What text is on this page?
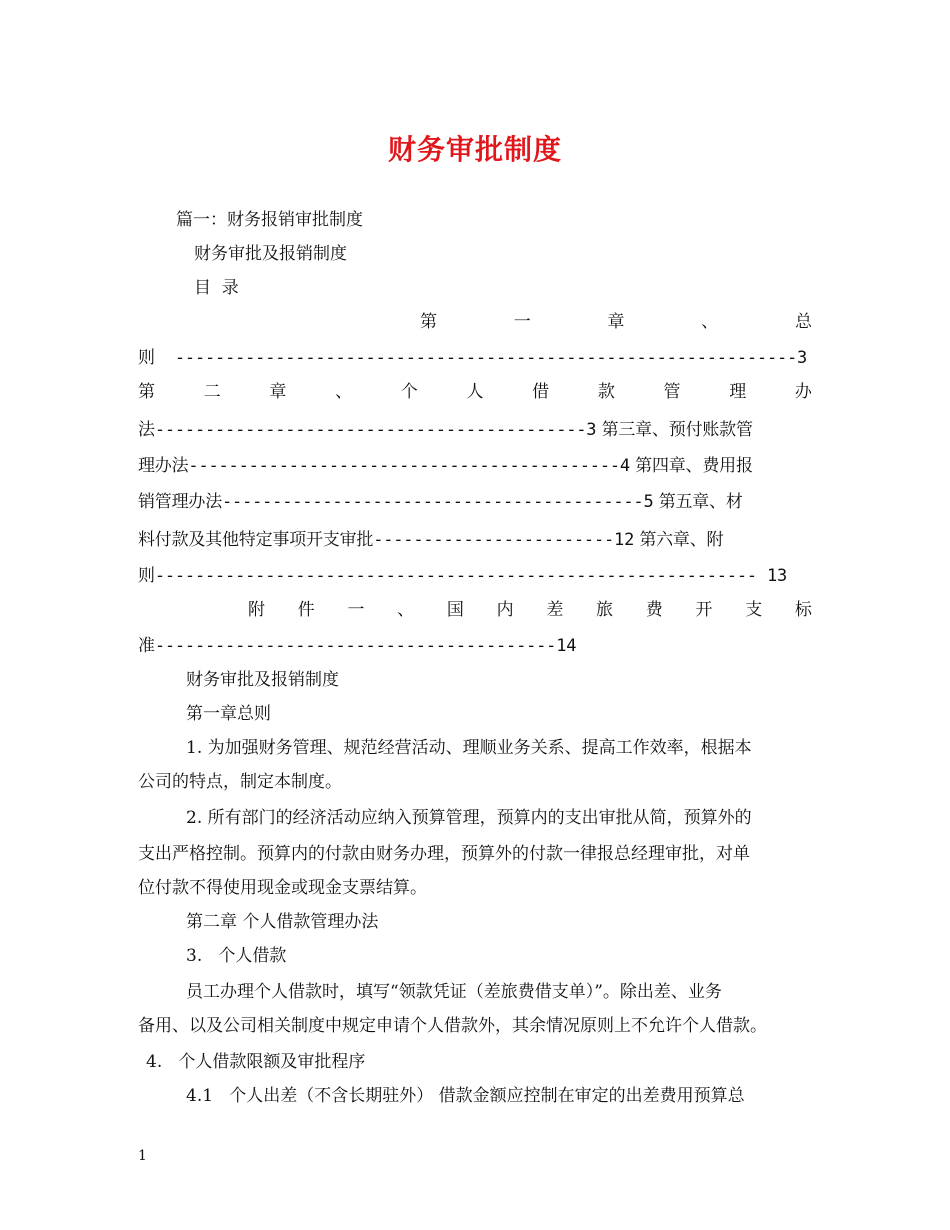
财务审批制度
篇一：财务报销审批制度
财务审批及报销制度
目  录
第	一	章	、	总
则 --------------------------------------------------------------3
第	二	章	、	个	人	借	款	管	理	办
法-------------------------------------------3 第三章、预付账款管
理办法-------------------------------------------4 第四章、费用报
销管理办法------------------------------------------5 第五章、材
料付款及其他特定事项开支审批------------------------12 第六章、附
则------------------------------------------------------------ 13
附 件 一 、 国 内 差 旅 费 开 支 标
准----------------------------------------14
财务审批及报销制度
第一章总则
1. 为加强财务管理、规范经营活动、理顺业务关系、提高工作效率，根据本
公司的特点，制定本制度。
2. 所有部门的经济活动应纳入预算管理，预算内的支出审批从简，预算外的
支出严格控制。预算内的付款由财务办理，预算外的付款一律报总经理审批，对单
位付款不得使用现金或现金支票结算。
第二章 个人借款管理办法
3.   个人借款
员工办理个人借款时，填写“领款凭证（差旅费借支单）”。除出差、业务
备用、以及公司相关制度中规定申请个人借款外，其余情况原则上不允许个人借款。
4.   个人借款限额及审批程序
4.1   个人出差（不含长期驻外） 借款金额应控制在审定的出差费用预算总
1
